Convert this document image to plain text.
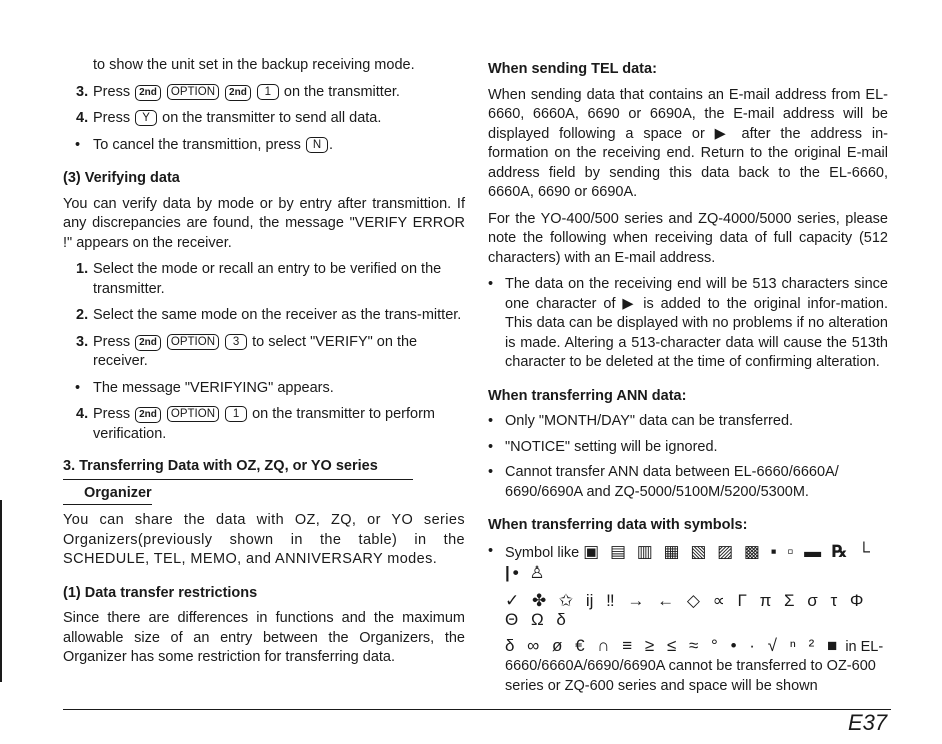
to show the unit set in the backup receiving mode.
3. Press 2nd OPTION 2nd 1 on the transmitter.
4. Press Y on the transmitter to send all data.
• To cancel the transmittion, press N .
(3) Verifying data
You can verify data by mode or by entry after transmittion. If any discrepancies are found, the message "VERIFY ERROR !" appears on the receiver.
1. Select the mode or recall an entry to be verified on the transmitter.
2. Select the same mode on the receiver as the trans-mitter.
3. Press 2nd OPTION 3 to select "VERIFY" on the receiver.
• The message "VERIFYING" appears.
4. Press 2nd OPTION 1 on the transmitter to perform verification.
3. Transferring Data with OZ, ZQ, or YO series
Organizer
You can share the data with OZ, ZQ, or YO series Organizers(previously shown in the table) in the SCHEDULE, TEL, MEMO, and ANNIVERSARY modes.
(1) Data transfer restrictions
Since there are differences in functions and the maximum allowable size of an entry between the Organizers, the Organizer has some restriction for transferring data.
When sending TEL data:
When sending data that contains an E-mail address from EL-6660, 6660A, 6690 or 6690A, the E-mail address will be displayed following a space or ▶ after the address in-formation on the receiving end. Return to the original E-mail address field by sending this data back to the EL-6660, 6660A, 6690 or 6690A.
For the YO-400/500 series and ZQ-4000/5000 series, please note the following when receiving data of full capacity (512 characters) with an E-mail address.
• The data on the receiving end will be 513 characters since one character of ▶ is added to the original infor-mation. This data can be displayed with no problems if no alteration is made. Altering a 513-character data will cause the 513th character to be deleted at the time of confirming alteration.
When transferring ANN data:
• Only "MONTH/DAY" data can be transferred.
• "NOTICE" setting will be ignored.
• Cannot transfer ANN data between EL-6660/6660A/ 6690/6690A and ZQ-5000/5100M/5200/5300M.
When transferring data with symbols:
• Symbol like ▣ ▤ ▥ ▦ ▧ ▨ ▩ ▪ ▫ ▬ ℞ └ |• ♙
✓ ✤ ✩ ĳ ‼ → ← ◇ ∝ Γ π Σ σ τ Φ Θ Ω δ
δ ∞ ø € ∩ ≡ ≥ ≤ ≈ ° • · √ ⁿ ² ■ in EL-6660/6660A/6690/6690A cannot be transferred to OZ-600 series or ZQ-600 series and space will be shown
E37
